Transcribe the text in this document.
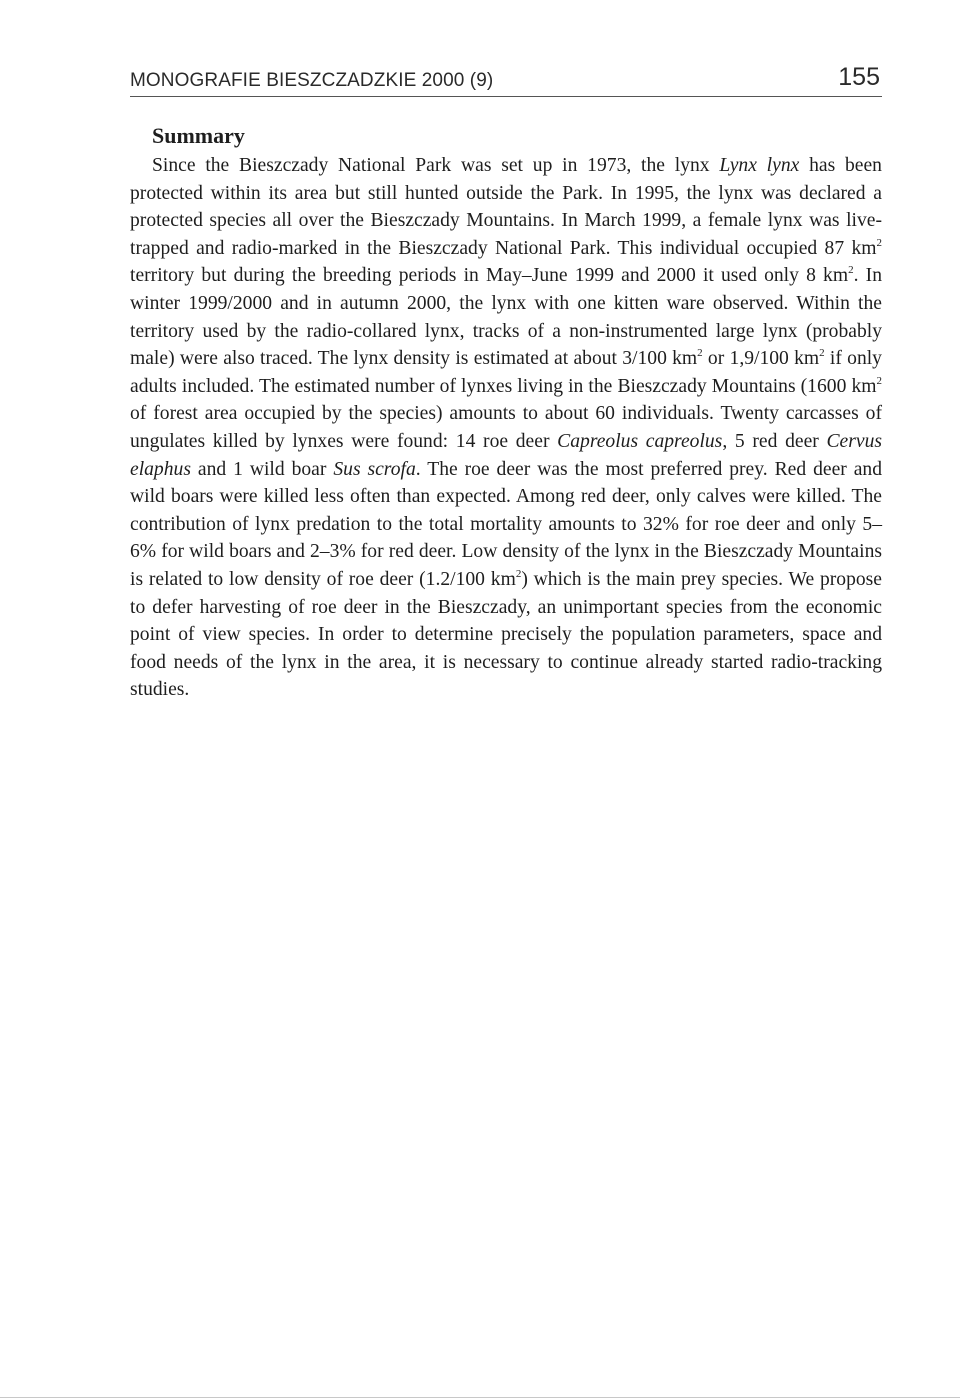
MONOGRAFIE BIESZCZADZKIE 2000 (9)	155
Summary

Since the Bieszczady National Park was set up in 1973, the lynx Lynx lynx has been protected within its area but still hunted outside the Park. In 1995, the lynx was declared a protected species all over the Bieszczady Mountains. In March 1999, a female lynx was live-trapped and radio-marked in the Bieszczady National Park. This individual occupied 87 $km^2$ territory but during the breeding periods in May–June 1999 and 2000 it used only 8 $km^2$. In winter 1999/2000 and in autumn 2000, the lynx with one kitten ware observed. Within the territory used by the radio-collared lynx, tracks of a non-instrumented large lynx (probably male) were also traced. The lynx density is estimated at about 3/100 $km^2$ or 1,9/100 $km^2$ if only adults included. The estimated number of lynxes living in the Bieszczady Mountains (1600 $km^2$ of forest area occupied by the species) amounts to about 60 individuals. Twenty carcasses of ungulates killed by lynxes were found: 14 roe deer Capreolus capreolus, 5 red deer Cervus elaphus and 1 wild boar Sus scrofa. The roe deer was the most preferred prey. Red deer and wild boars were killed less often than expected. Among red deer, only calves were killed. The contribution of lynx predation to the total mortality amounts to 32% for roe deer and only 5–6% for wild boars and 2–3% for red deer. Low density of the lynx in the Bieszczady Mountains is related to low density of roe deer (1.2/100 $km^2$) which is the main prey species. We propose to defer harvesting of roe deer in the Bieszczady, an unimportant species from the economic point of view species. In order to determine precisely the population parameters, space and food needs of the lynx in the area, it is necessary to continue already started radio-tracking studies.
